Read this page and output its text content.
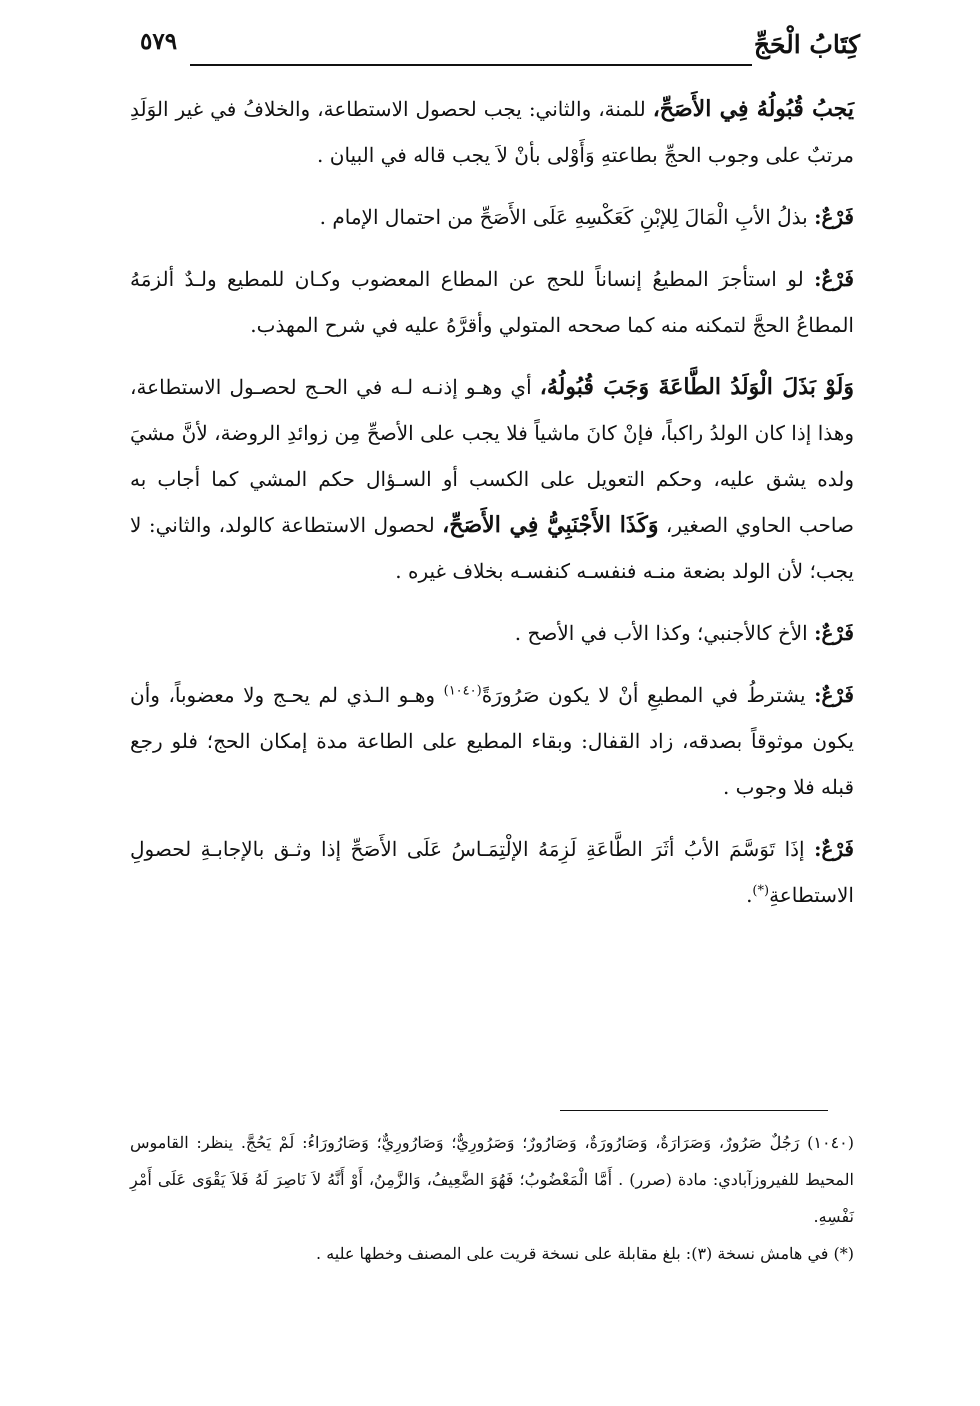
كِتَابُ الْحَجِّ
٥٧٩

يَجبُ قُبُولُهُ فِي الأَصَحِّ، للمنة، والثاني: يجب لحصول الاستطاعة، والخلافُ في غير الوَلَدِ مرتبٌ على وجوب الحجِّ بطاعتهِ وَأَوْلى بأنْ لاَ يجب قاله في البيان .

فَرْعٌ: بذلُ الأبِ الْمَالَ لِلإبْنِ كَعَكْسِهِ عَلَى الأَصَحِّ من احتمال الإمام .

فَرْعٌ: لو استأجرَ المطيعُ إنساناً للحج عن المطاع المعضوب وكـان للمطيع ولـدٌ ألزمَهُ المطاعُ الحجَّ لتمكنه منه كما صححه المتولي وأقرَّهُ عليه في شرح المهذب.

وَلَوْ بَذَلَ الْوَلَدُ الطَّاعَةَ وَجَبَ قُبُولُهُ، أي وهـو إذنـه لـه في الحـج لحصـول الاستطاعة، وهذا إذا كان الولدُ راكباً، فإنْ كانَ ماشياً فلا يجب على الأصحِّ مِن زوائدِ الروضة، لأنَّ مشيَ ولده يشق عليه، وحكم التعويل على الكسب أو السـؤال حكم المشي كما أجاب به صاحب الحاوي الصغير، وَكَذَا الأَجْنَبِيُّ فِي الأَصَحِّ، لحصول الاستطاعة كالولد، والثاني: لا يجب؛ لأن الولد بضعة منـه فنفسـه كنفسـه بخلاف غيره .

فَرْعٌ: الأخ كالأجنبي؛ وكذا الأب في الأصح .

فَرْعٌ: يشترطُ في المطيعِ أنْ لا يكون صَرُورَةً$^{(١٠٤٠)}$ وهـو الـذي لم يحـج ولا معضوباً، وأن يكون موثوقاً بصدقه، زاد القفال: وبقاء المطيع على الطاعة مدة إمكان الحج؛ فلو رجع قبله فلا وجوب .

فَرْعٌ: إذَا تَوَسَّمَ الأبُ أثَرَ الطَّاعَةِ لَزِمَهُ الإلْتِمَـاسُ عَلَى الأَصَحِّ إذا وثـق بالإجابـةِ لحصولِ الاستطاعةِ(*).

(١٠٤٠) رَجُلٌ صَرُورٌ، وَصَرَارَةٌ، وَصَارُورَةٌ، وَصَارُورٌ؛ وَصَرُورِيٌّ؛ وَصَارُورِيٌّ؛ وَصَارُورَاءُ: لَمْ يَحُجَّ. ينظر: القاموس المحيط للفيروزآبادي: مادة (صرر) . أَمَّا الْمَعْضُوبُ؛ فَهُوَ الضَّعِيفُ، وَالزَّمِنُ، أَوْ أَنَّهُ لاَ نَاصِرَ لَهُ فَلاَ يَقْوَى عَلَى أَمْرِ نَفْسِهِ.

(*) في هامش نسخة (٣): بلغ مقابلة على نسخة قريت على المصنف وخطها عليه .
